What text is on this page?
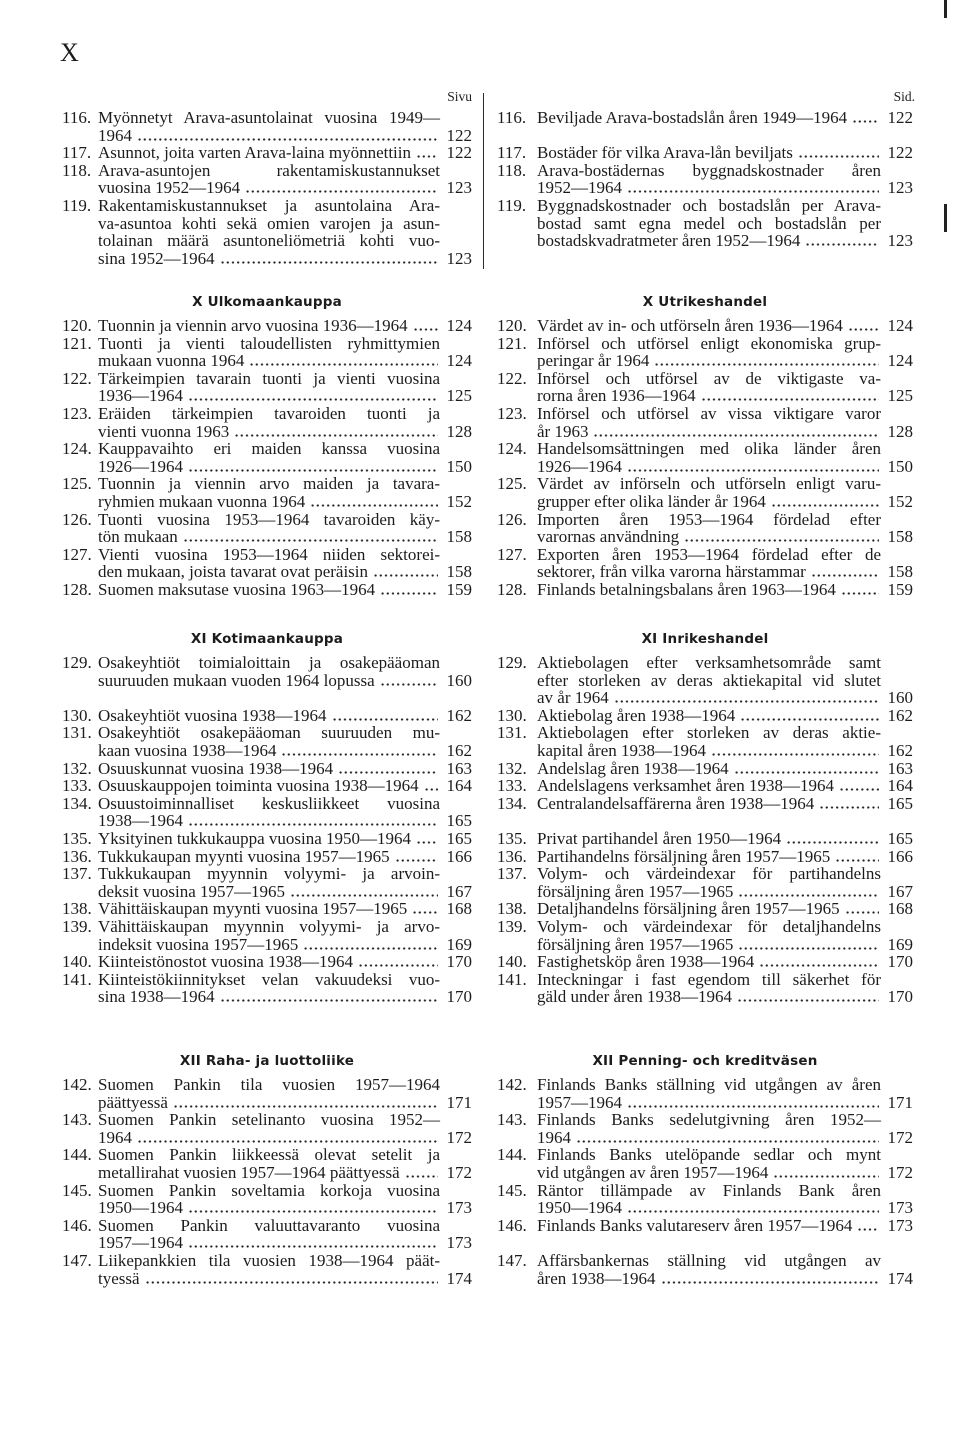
X
Sivu	Sid.
116. Myönnetyt Arava-asuntolainat vuosina 1949—
1964	122
116. Beviljade Arava-bostadslån åren 1949—1964	122
117. Asunnot, joita varten Arava-laina myönnettiin	122 117. Bostäder för vilka Arava-lån beviljats	122
118. Arava-asuntojen rakentamiskustannukset
vuosina 1952—1964	123
118. Arava-bostädernas byggnadskostnader åren
1952—1964	123
119. Rakentamiskustannukset ja asuntolaina Ara-
va-asuntoa kohti sekä omien varojen ja asun-
tolainan määrä asuntoneliömetriä kohti vuo-
sina 1952—1964	123
119. Byggnadskostnader och bostadslån per Arava-
bostad samt egna medel och bostadslån per
bostadskvadratmeter åren 1952—1964	123
X Ulkomaankauppa	X Utrikeshandel
120. Tuonnin ja viennin arvo vuosina 1936—1964	124 120. Värdet av in- och utförseln åren 1936—1964	124
121. Tuonti ja vienti taloudellisten ryhmittymien
mukaan vuonna 1964	124
121. Införsel och utförsel enligt ekonomiska grup-
peringar år 1964	124
122. Tärkeimpien tavarain tuonti ja vienti vuosina
1936—1964	125
122. Införsel och utförsel av de viktigaste va-
rorna åren 1936—1964	125
123. Eräiden tärkeimpien tavaroiden tuonti ja
vienti vuonna 1963	128
123. Införsel och utförsel av vissa viktigare varor
år 1963	128
124. Kauppavaihto eri maiden kanssa vuosina
1926—1964	150
124. Handelsomsättningen med olika länder åren
1926—1964	150
125. Tuonnin ja viennin arvo maiden ja tavara-
ryhmien mukaan vuonna 1964	152
125. Värdet av införseln och utförseln enligt varu-
grupper efter olika länder år 1964	152
126. Tuonti vuosina 1953—1964 tavaroiden käy-
tön mukaan	158
126. Importen åren 1953—1964 fördelad efter
varornas användning	158
127. Vienti vuosina 1953—1964 niiden sektorei-
den mukaan, joista tavarat ovat peräisin	158
127. Exporten åren 1953—1964 fördelad efter de
sektorer, från vilka varorna härstammar	158
128. Suomen maksutase vuosina 1963—1964	159 128. Finlands betalningsbalans åren 1963—1964	159
XI Kotimaankauppa	XI Inrikeshandel
129. Osakeyhtiöt toimialoittain ja osakepääoman
suuruuden mukaan vuoden 1964 lopussa	160
129. Aktiebolagen efter verksamhetsområde samt
efter storleken av deras aktiekapital vid slutet
av år 1964	160
130. Osakeyhtiöt vuosina 1938—1964	162 130. Aktiebolag åren 1938—1964	162
131. Osakeyhtiöt osakepääoman suuruuden mu-
kaan vuosina 1938—1964	162
131. Aktiebolagen efter storleken av deras aktie-
kapital åren 1938—1964	162
132. Osuuskunnat vuosina 1938—1964	163 132. Andelslag åren 1938—1964	163
133. Osuuskauppojen toiminta vuosina 1938—1964	164 133. Andelslagens verksamhet åren 1938—1964	164
134. Osuustoiminnalliset keskusliikkeet vuosina
1938—1964	165
134. Centralandelsaffärerna åren 1938—1964	165
135. Yksityinen tukkukauppa vuosina 1950—1964	165 135. Privat partihandel åren 1950—1964	165
136. Tukkukaupan myynti vuosina 1957—1965	166 136. Partihandelns försäljning åren 1957—1965	166
137. Tukkukaupan myynnin volyymi- ja arvoin-
deksit vuosina 1957—1965	167
137. Volym- och värdeindexar för partihandelns
försäljning åren 1957—1965	167
138. Vähittäiskaupan myynti vuosina 1957—1965	168 138. Detaljhandelns försäljning åren 1957—1965	168
139. Vähittäiskaupan myynnin volyymi- ja arvo-
indeksit vuosina 1957—1965	169
139. Volym- och värdeindexar för detaljhandelns
försäljning åren 1957—1965	169
140. Kiinteistönostot vuosina 1938—1964	170 140. Fastighetsköp åren 1938—1964	170
141. Kiinteistökiinnitykset velan vakuudeksi vuo-
sina 1938—1964	170
141. Inteckningar i fast egendom till säkerhet för
gäld under åren 1938—1964	170
XII Raha- ja luottoliike	XII Penning- och kreditväsen
142. Suomen Pankin tila vuosien 1957—1964
päättyessä	171
142. Finlands Banks ställning vid utgången av åren
1957—1964	171
143. Suomen Pankin setelinanto vuosina 1952—
1964	172
143. Finlands Banks sedelutgivning åren 1952—
1964	172
144. Suomen Pankin liikkeessä olevat setelit ja
metallirahat vuosien 1957—1964 päättyessä	172
144. Finlands Banks utelöpande sedlar och mynt
vid utgången av åren 1957—1964	172
145. Suomen Pankin soveltamia korkoja vuosina
1950—1964	173
145. Räntor tillämpade av Finlands Bank åren
1950—1964	173
146. Suomen Pankin valuuttavaranto vuosina
1957—1964	173
146. Finlands Banks valutareserv åren 1957—1964	173
147. Liikepankkien tila vuosien 1938—1964 päät-
tyessä	174
147. Affärsbankernas ställning vid utgången av
åren 1938—1964	174
